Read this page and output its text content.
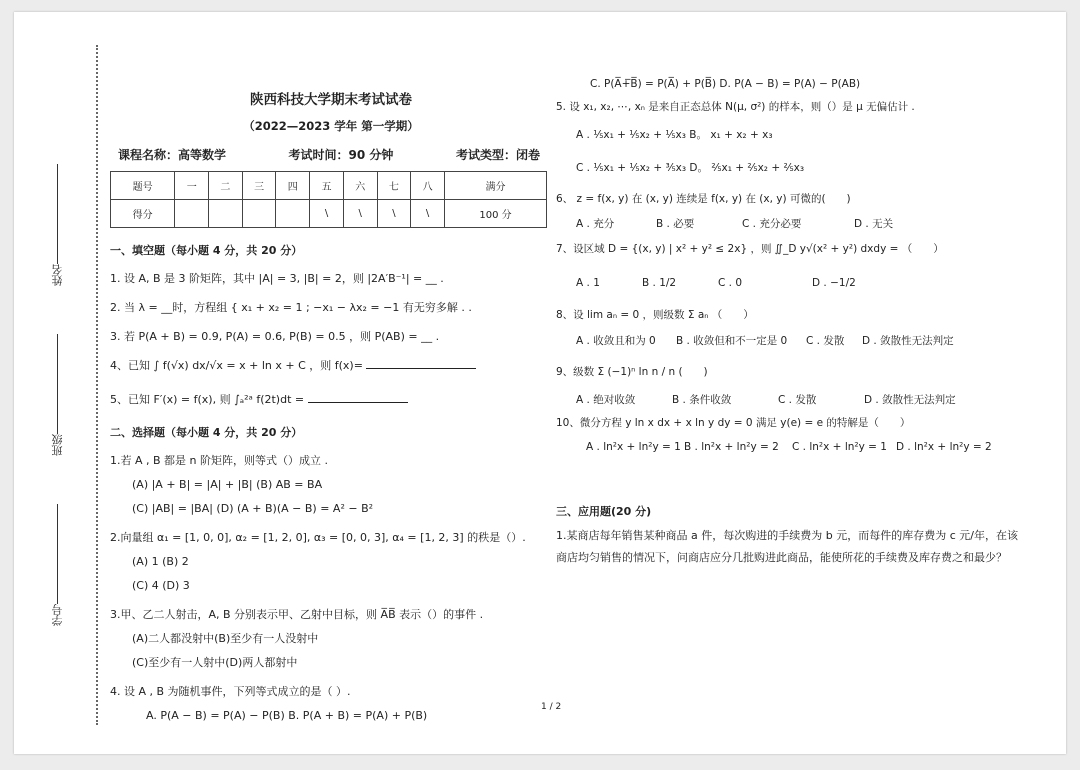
姓名
班级
学号
陕西科技大学期末考试试卷
（2022—2023 学年 第一学期）
课程名称：高等数学	考试时间：90 分钟	考试类型：闭卷
题号	一	二	三	四	五	六	七	八	满分
得分					\	\	\	\	100 分
一、填空题（每小题 4 分，共 20 分）
1. 设 A, B 是 3 阶矩阵，其中 |A| = 3, |B| = 2，则 |2A′B⁻¹| = __ .
2. 当 λ = __时，方程组 { x₁ + x₂ = 1 ; −x₁ − λx₂ = −1 有无穷多解 . .
3. 若 P(A + B) = 0.9, P(A) = 0.6, P(B) = 0.5 ，则 P(AB) = __ .
4、已知 ∫ f(√x) dx/√x = x + ln x + C ，则 f(x)=
5、已知 F′(x) = f(x), 则 ∫ₐ²ᵃ f(2t)dt =
二、选择题（每小题 4 分，共 20 分）
1.若 A , B 都是 n 阶矩阵，则等式（）成立 .
(A) |A + B| = |A| + |B| (B) AB = BA
(C) |AB| = |BA| (D) (A + B)(A − B) = A² − B²
2.向量组 α₁ = [1, 0, 0], α₂ = [1, 2, 0], α₃ = [0, 0, 3], α₄ = [1, 2, 3] 的秩是（）.
(A) 1 (B) 2
(C) 4 (D) 3
3.甲、乙二人射击，A, B 分别表示甲、乙射中目标，则 A̅B̅ 表示（）的事件 .
(A)二人都没射中(B)至少有一人没射中
(C)至少有一人射中(D)两人都射中
4. 设 A , B 为随机事件，下列等式成立的是（ ）.
A. P(A − B) = P(A) − P(B) B. P(A + B) = P(A) + P(B)
C. P(A̅+̅B̅) = P(A̅) + P(B̅) D. P(A − B) = P(A) − P(AB)
5. 设 x₁, x₂, ⋯, xₙ 是来自正态总体 N(μ, σ²) 的样本，则（）是 μ 无偏估计 .
A . ⅕x₁ + ⅕x₂ + ⅕x₃ B。 x₁ + x₂ + x₃
C . ⅕x₁ + ⅕x₂ + ³⁄₅x₃ D。 ⅖x₁ + ⅖x₂ + ⅖x₃
6、 z = f(x, y) 在 (x, y) 连续是 f(x, y) 在 (x, y) 可微的(　　)
A . 充分	B . 必要	C . 充分必要	D . 无关
7、设区域 D = {(x, y) | x² + y² ≤ 2x} ，则 ∬_D y√(x² + y²) dxdy = （　　）
A . 1	B . 1/2	C . 0	D . −1/2
8、设 lim aₙ = 0 ，则级数 Σ aₙ （　　）
A . 收敛且和为 0	B . 收敛但和不一定是 0	C . 发散	D . 敛散性无法判定
9、级数 Σ (−1)ⁿ ln n / n (　　)
A . 绝对收敛	B . 条件收敛	C . 发散	D . 敛散性无法判定
10、微分方程 y ln x dx + x ln y dy = 0 满足 y(e) = e 的特解是（　　）
A . ln²x + ln²y = 1 B . ln²x + ln²y = 2	C . ln²x + ln²y = 1 D . ln²x + ln²y = 2
三、应用题(20 分)
1.某商店每年销售某种商品 a 件，每次购进的手续费为 b 元，而每件的库存费为 c 元/年，在该商店均匀销售的情况下，问商店应分几批购进此商品，能使所花的手续费及库存费之和最少？
1 / 2
